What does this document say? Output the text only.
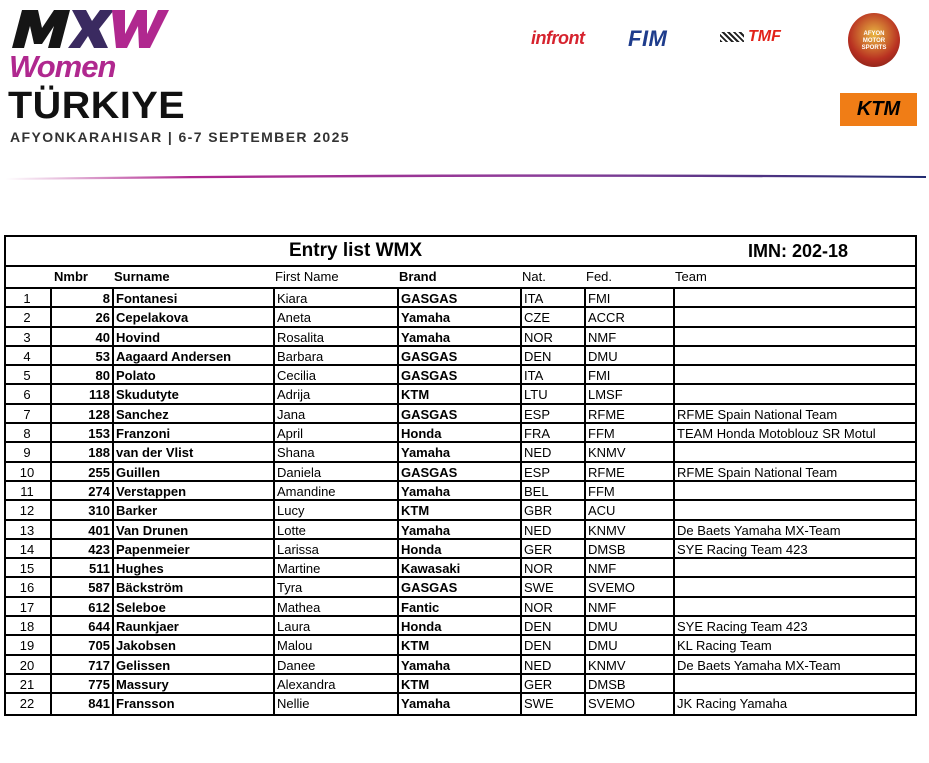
Women
TÜRKIYE
AFYONKARAHISAR | 6-7 SEPTEMBER 2025
infront FIM	TMF	AFYON
MOTOR
SPORTS
KTM
Entry list WMX	IMN: 202-18
Nmbr	Surname	First Name	Brand	Nat.	Fed.	Team
1	8 Fontanesi	Kiara	GASGAS	ITA	FMI
2	26 Cepelakova	Aneta	Yamaha	CZE	ACCR
3	40 Hovind	Rosalita	Yamaha	NOR	NMF
4	53 Aagaard Andersen	Barbara	GASGAS	DEN	DMU
5	80 Polato	Cecilia	GASGAS	ITA	FMI
6	118 Skudutyte	Adrija	KTM	LTU	LMSF
7	128 Sanchez	Jana	GASGAS	ESP	RFME	RFME Spain National Team
8	153 Franzoni	April	Honda	FRA	FFM	TEAM Honda Motoblouz SR Motul
9	188 van der Vlist	Shana	Yamaha	NED	KNMV
10	255 Guillen	Daniela	GASGAS	ESP	RFME	RFME Spain National Team
11	274 Verstappen	Amandine	Yamaha	BEL	FFM
12	310 Barker	Lucy	KTM	GBR	ACU
13	401 Van Drunen	Lotte	Yamaha	NED	KNMV	De Baets Yamaha MX-Team
14	423 Papenmeier	Larissa	Honda	GER	DMSB	SYE Racing Team 423
15	511 Hughes	Martine	Kawasaki	NOR	NMF
16	587 Bäckström	Tyra	GASGAS	SWE	SVEMO
17	612 Seleboe	Mathea	Fantic	NOR	NMF
18	644 Raunkjaer	Laura	Honda	DEN	DMU	SYE Racing Team 423
19	705 Jakobsen	Malou	KTM	DEN	DMU	KL Racing Team
20	717 Gelissen	Danee	Yamaha	NED	KNMV	De Baets Yamaha MX-Team
21	775 Massury	Alexandra	KTM	GER	DMSB
22	841 Fransson	Nellie	Yamaha	SWE	SVEMO	JK Racing Yamaha
